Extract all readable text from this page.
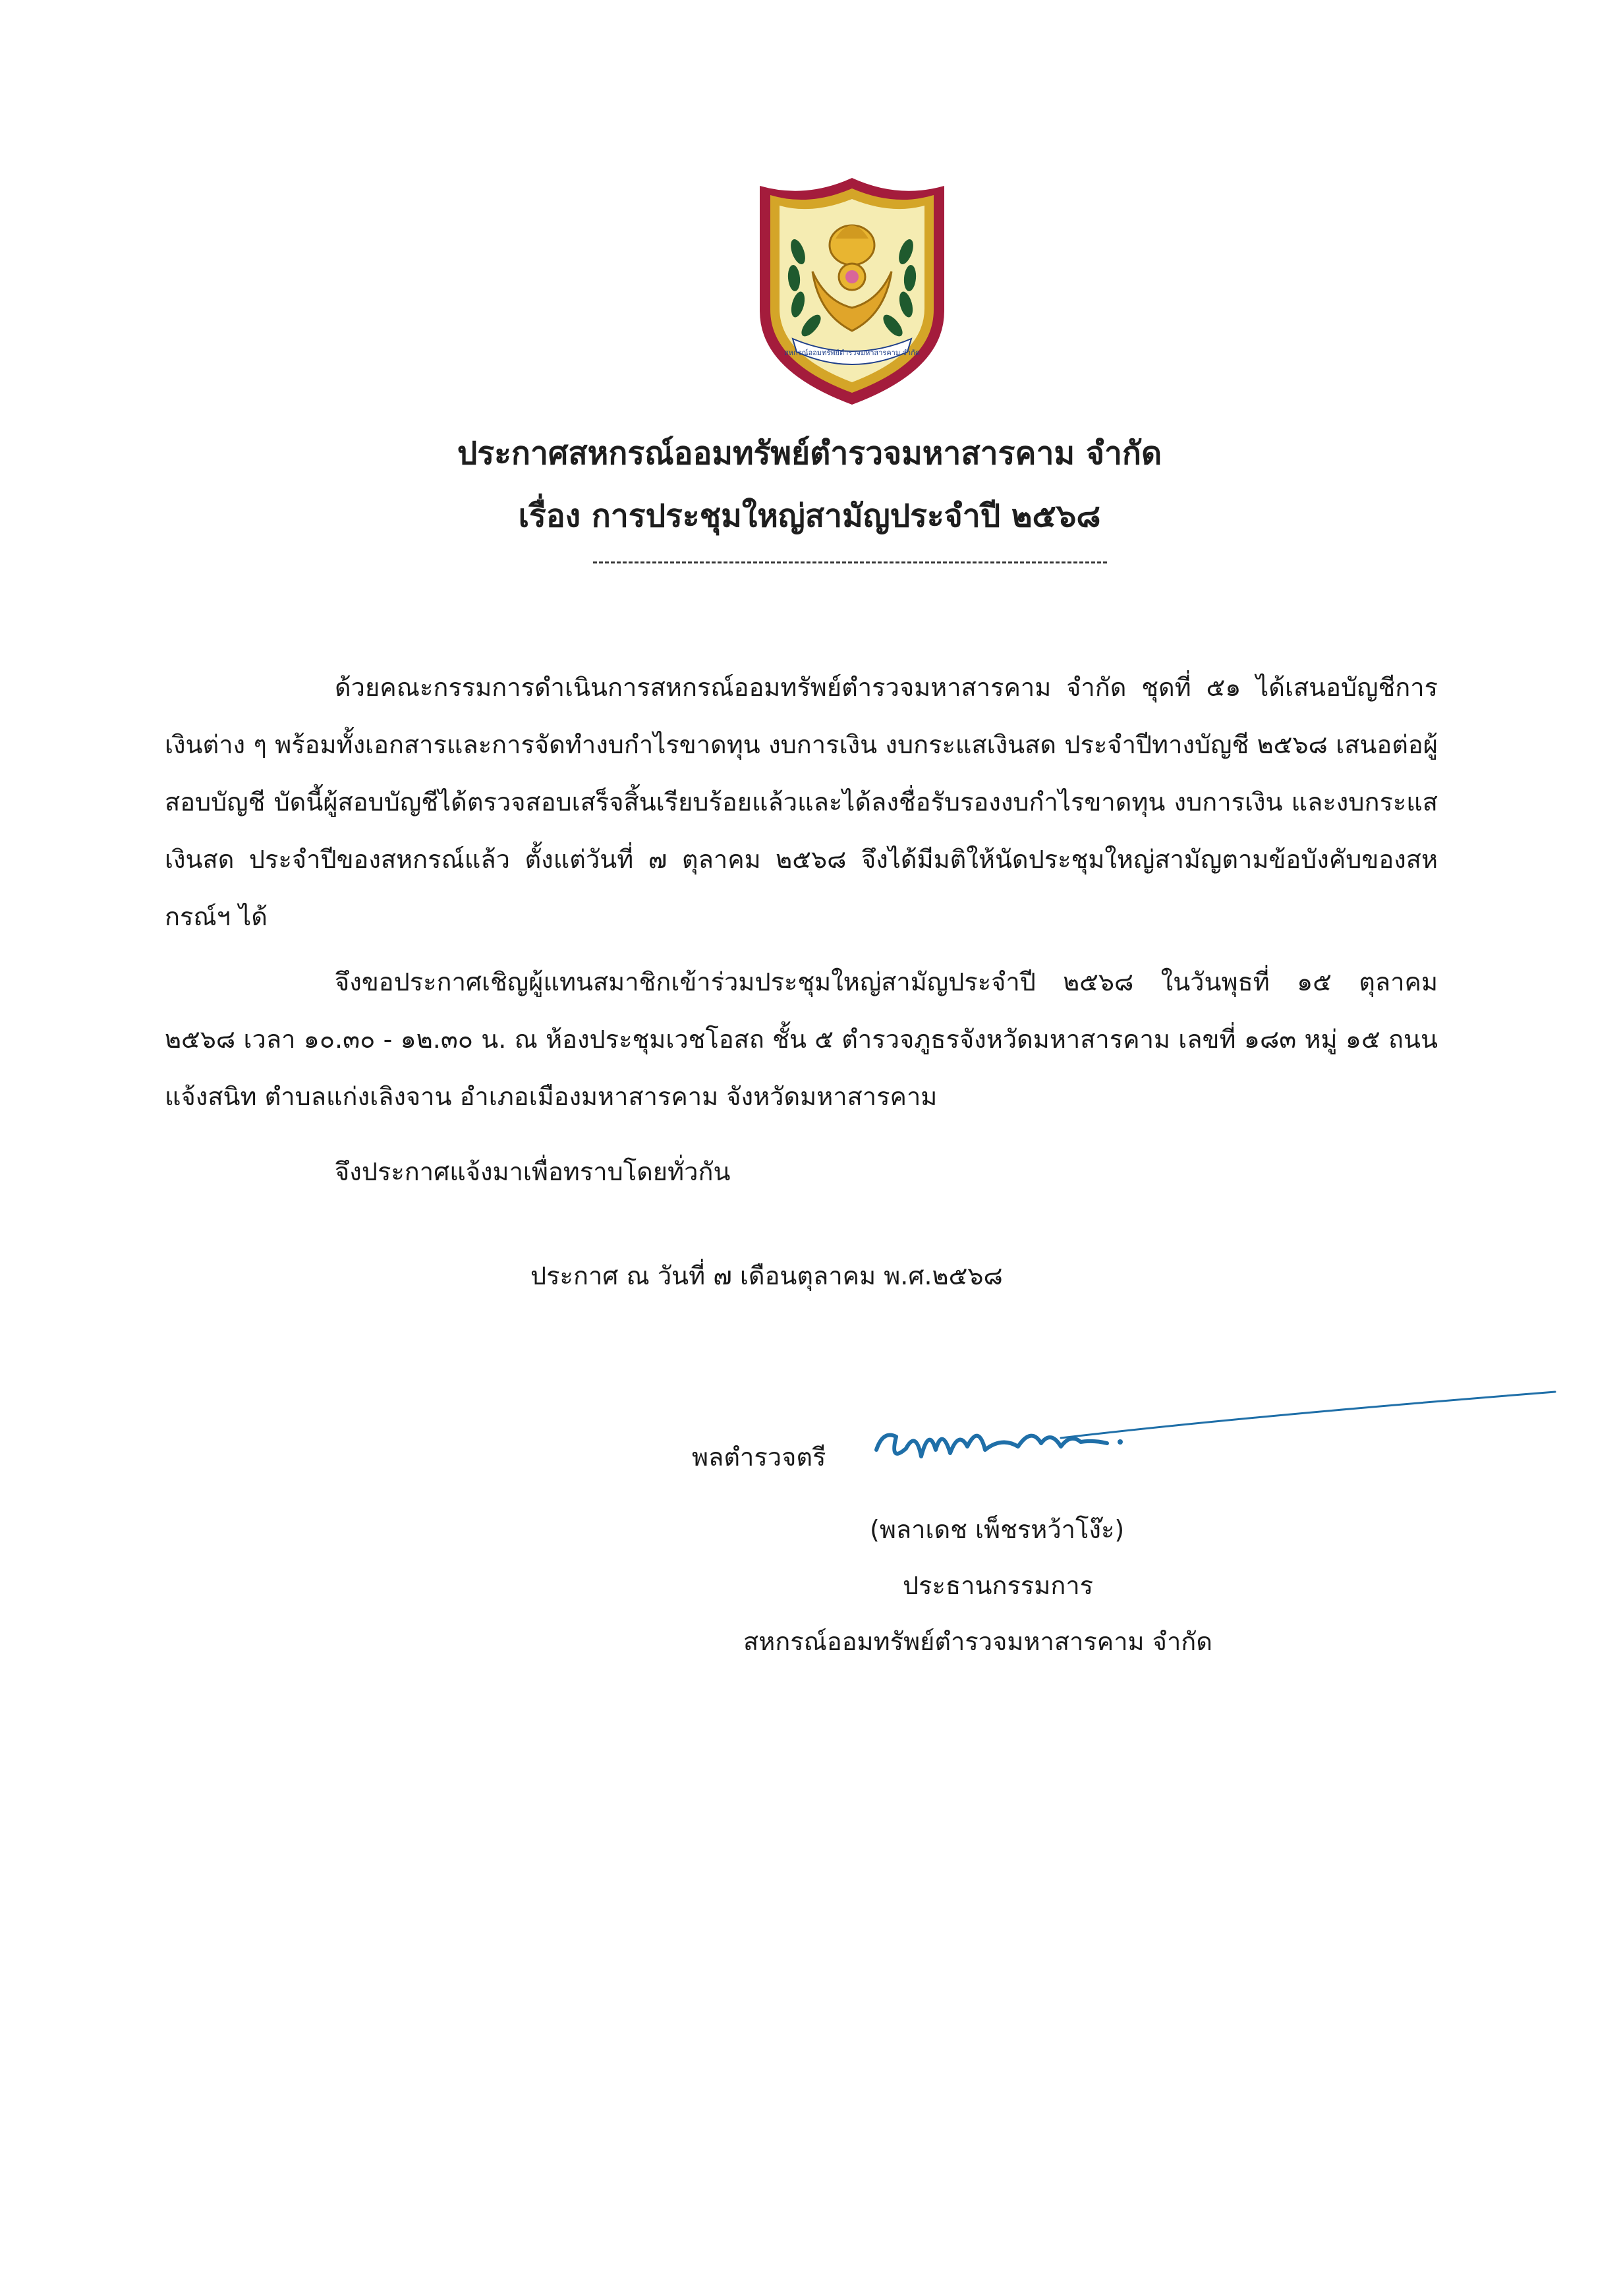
สหกรณ์ออมทรัพย์ตำรวจมหาสารคาม จำกัด
ประกาศสหกรณ์ออมทรัพย์ตำรวจมหาสารคาม จำกัด
เรื่อง การประชุมใหญ่สามัญประจำปี ๒๕๖๘

ด้วยคณะกรรมการดำเนินการสหกรณ์ออมทรัพย์ตำรวจมหาสารคาม จำกัด ชุดที่ ๕๑ ได้เสนอบัญชีการเงินต่าง ๆ พร้อมทั้งเอกสารและการจัดทำงบกำไรขาดทุน งบการเงิน งบกระแสเงินสด ประจำปีทางบัญชี ๒๕๖๘ เสนอต่อผู้สอบบัญชี บัดนี้ผู้สอบบัญชีได้ตรวจสอบเสร็จสิ้นเรียบร้อยแล้วและได้ลงชื่อรับรองงบกำไรขาดทุน งบการเงิน และงบกระแสเงินสด ประจำปีของสหกรณ์แล้ว ตั้งแต่วันที่ ๗ ตุลาคม ๒๕๖๘ จึงได้มีมติให้นัดประชุมใหญ่สามัญตามข้อบังคับของสหกรณ์ฯ ได้

จึงขอประกาศเชิญผู้แทนสมาชิกเข้าร่วมประชุมใหญ่สามัญประจำปี ๒๕๖๘ ในวันพุธที่ ๑๕ ตุลาคม ๒๕๖๘ เวลา ๑๐.๓๐ - ๑๒.๓๐ น. ณ ห้องประชุมเวชโอสถ ชั้น ๕ ตำรวจภูธรจังหวัดมหาสารคาม เลขที่ ๑๘๓ หมู่ ๑๕ ถนนแจ้งสนิท ตำบลแก่งเลิงจาน อำเภอเมืองมหาสารคาม จังหวัดมหาสารคาม

จึงประกาศแจ้งมาเพื่อทราบโดยทั่วกัน

ประกาศ ณ วันที่ ๗ เดือนตุลาคม พ.ศ.๒๕๖๘
พลตำรวจตรี
(พลาเดช เพ็ชรหว้าโง๊ะ)
ประธานกรรมการ
สหกรณ์ออมทรัพย์ตำรวจมหาสารคาม จำกัด
